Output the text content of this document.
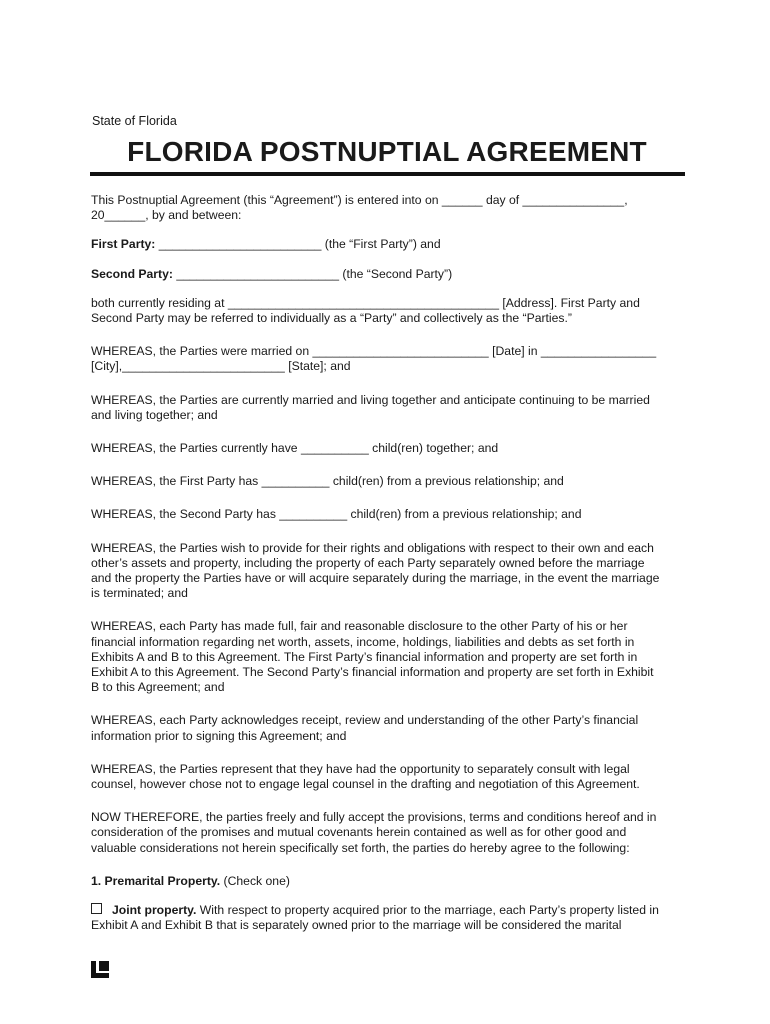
State of Florida
FLORIDA POSTNUPTIAL AGREEMENT

This Postnuptial Agreement (this “Agreement”) is entered into on ______ day of _______________,
20______, by and between:

First Party: ________________________ (the “First Party”) and

Second Party: ________________________ (the “Second Party”)

both currently residing at ________________________________________ [Address]. First Party and
Second Party may be referred to individually as a “Party” and collectively as the “Parties.”

WHEREAS, the Parties were married on __________________________ [Date] in _________________
[City],________________________ [State]; and

WHEREAS, the Parties are currently married and living together and anticipate continuing to be married
and living together; and

WHEREAS, the Parties currently have __________ child(ren) together; and

WHEREAS, the First Party has __________ child(ren) from a previous relationship; and

WHEREAS, the Second Party has __________ child(ren) from a previous relationship; and

WHEREAS, the Parties wish to provide for their rights and obligations with respect to their own and each
other’s assets and property, including the property of each Party separately owned before the marriage
and the property the Parties have or will acquire separately during the marriage, in the event the marriage
is terminated; and

WHEREAS, each Party has made full, fair and reasonable disclosure to the other Party of his or her
financial information regarding net worth, assets, income, holdings, liabilities and debts as set forth in
Exhibits A and B to this Agreement. The First Party’s financial information and property are set forth in
Exhibit A to this Agreement. The Second Party’s financial information and property are set forth in Exhibit
B to this Agreement; and

WHEREAS, each Party acknowledges receipt, review and understanding of the other Party’s financial
information prior to signing this Agreement; and

WHEREAS, the Parties represent that they have had the opportunity to separately consult with legal
counsel, however chose not to engage legal counsel in the drafting and negotiation of this Agreement.

NOW THEREFORE, the parties freely and fully accept the provisions, terms and conditions hereof and in
consideration of the promises and mutual covenants herein contained as well as for other good and
valuable considerations not herein specifically set forth, the parties do hereby agree to the following:

1. Premarital Property. (Check one)

Joint property. With respect to property acquired prior to the marriage, each Party’s property listed in
Exhibit A and Exhibit B that is separately owned prior to the marriage will be considered the marital
